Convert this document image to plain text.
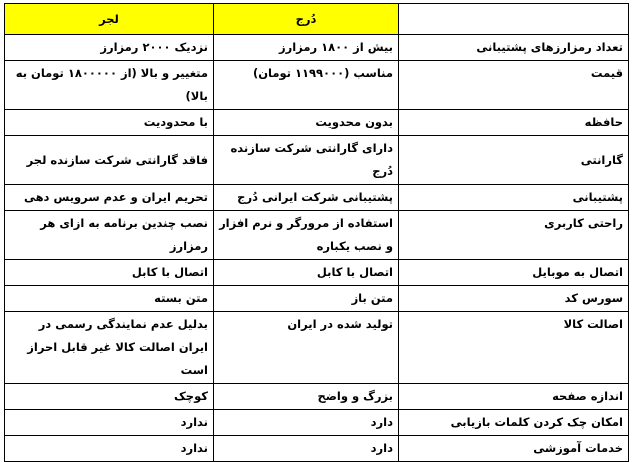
	دُرج	لجر
تعداد رمزارزهای پشتیبانی	بیش از ۱۸۰۰ رمزارز	نزدیک ۲۰۰۰ رمزارز
قیمت	مناسب (۱۱۹۹۰۰۰ تومان)	متغییر و بالا (از ۱۸۰۰۰۰۰ تومان به بالا)
حافظه	بدون محدویت	با محدودیت
گارانتی	دارای گارانتی شرکت سازنده دُرج	فاقد گارانتی شرکت سازنده لجر
پشتیبانی	پشتیبانی شرکت ایرانی دُرج	تحریم ایران و عدم سرویس دهی
راحتی کاربری	استفاده از مرورگر و نرم افزار و نصب یکباره	نصب چندین برنامه به ازای هر رمزارز
اتصال به موبایل	اتصال با کابل	اتصال با کابل
سورس کد	متن باز	متن بسته
اصالت کالا	تولید شده در ایران	بدلیل عدم نمایندگی رسمی در ایران اصالت کالا غیر قابل احراز است
اندازه صفحه	بزرگ و واضح	کوچک
امکان چک کردن کلمات بازیابی	دارد	ندارد
خدمات آموزشی	دارد	ندارد
